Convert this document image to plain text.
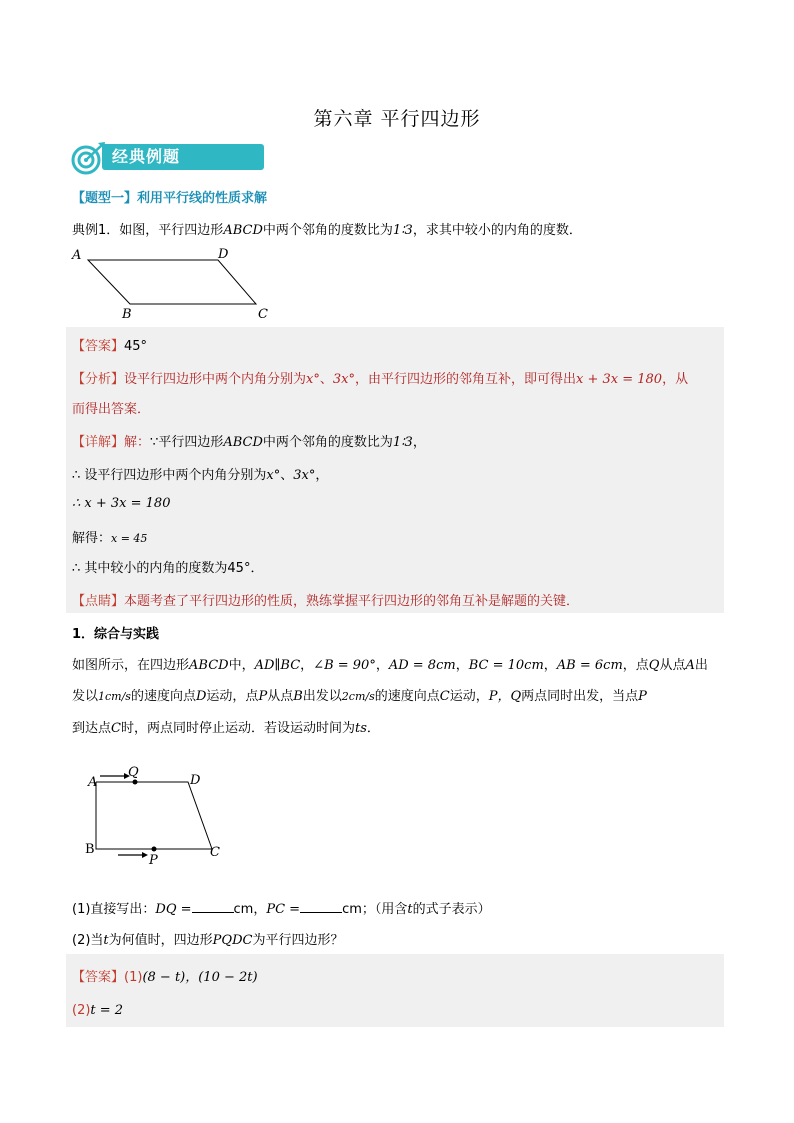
第六章 平行四边形
经典例题
【题型一】利用平行线的性质求解
典例1．如图，平行四边形ABCD中两个邻角的度数比为1∶3，求其中较小的内角的度数．
A	D
B	C
【答案】45°
【分析】设平行四边形中两个内角分别为x°、3x°，由平行四边形的邻角互补，即可得出x + 3x = 180，从
而得出答案．
【详解】解：∵平行四边形ABCD中两个邻角的度数比为1∶3，
∴ 设平行四边形中两个内角分别为x°、3x°，
∴ x + 3x = 180
解得：x = 45
∴ 其中较小的内角的度数为45°．
【点睛】本题考查了平行四边形的性质，熟练掌握平行四边形的邻角互补是解题的关键．
1．综合与实践
如图所示，在四边形ABCD中，AD∥BC，∠B = 90°，AD = 8cm，BC = 10cm，AB = 6cm，点Q从点A出
发以1cm/s的速度向点D运动，点P从点B出发以2cm/s的速度向点C运动，P，Q两点同时出发，当点P
到达点C时，两点同时停止运动．若设运动时间为ts．
A
Q
D
B
P
C
(1)直接写出：DQ =	cm，PC =	cm；（用含t的式子表示）
(2)当t为何值时，四边形PQDC为平行四边形？
【答案】(1)(8 − t)，(10 − 2t)
(2)t = 2
